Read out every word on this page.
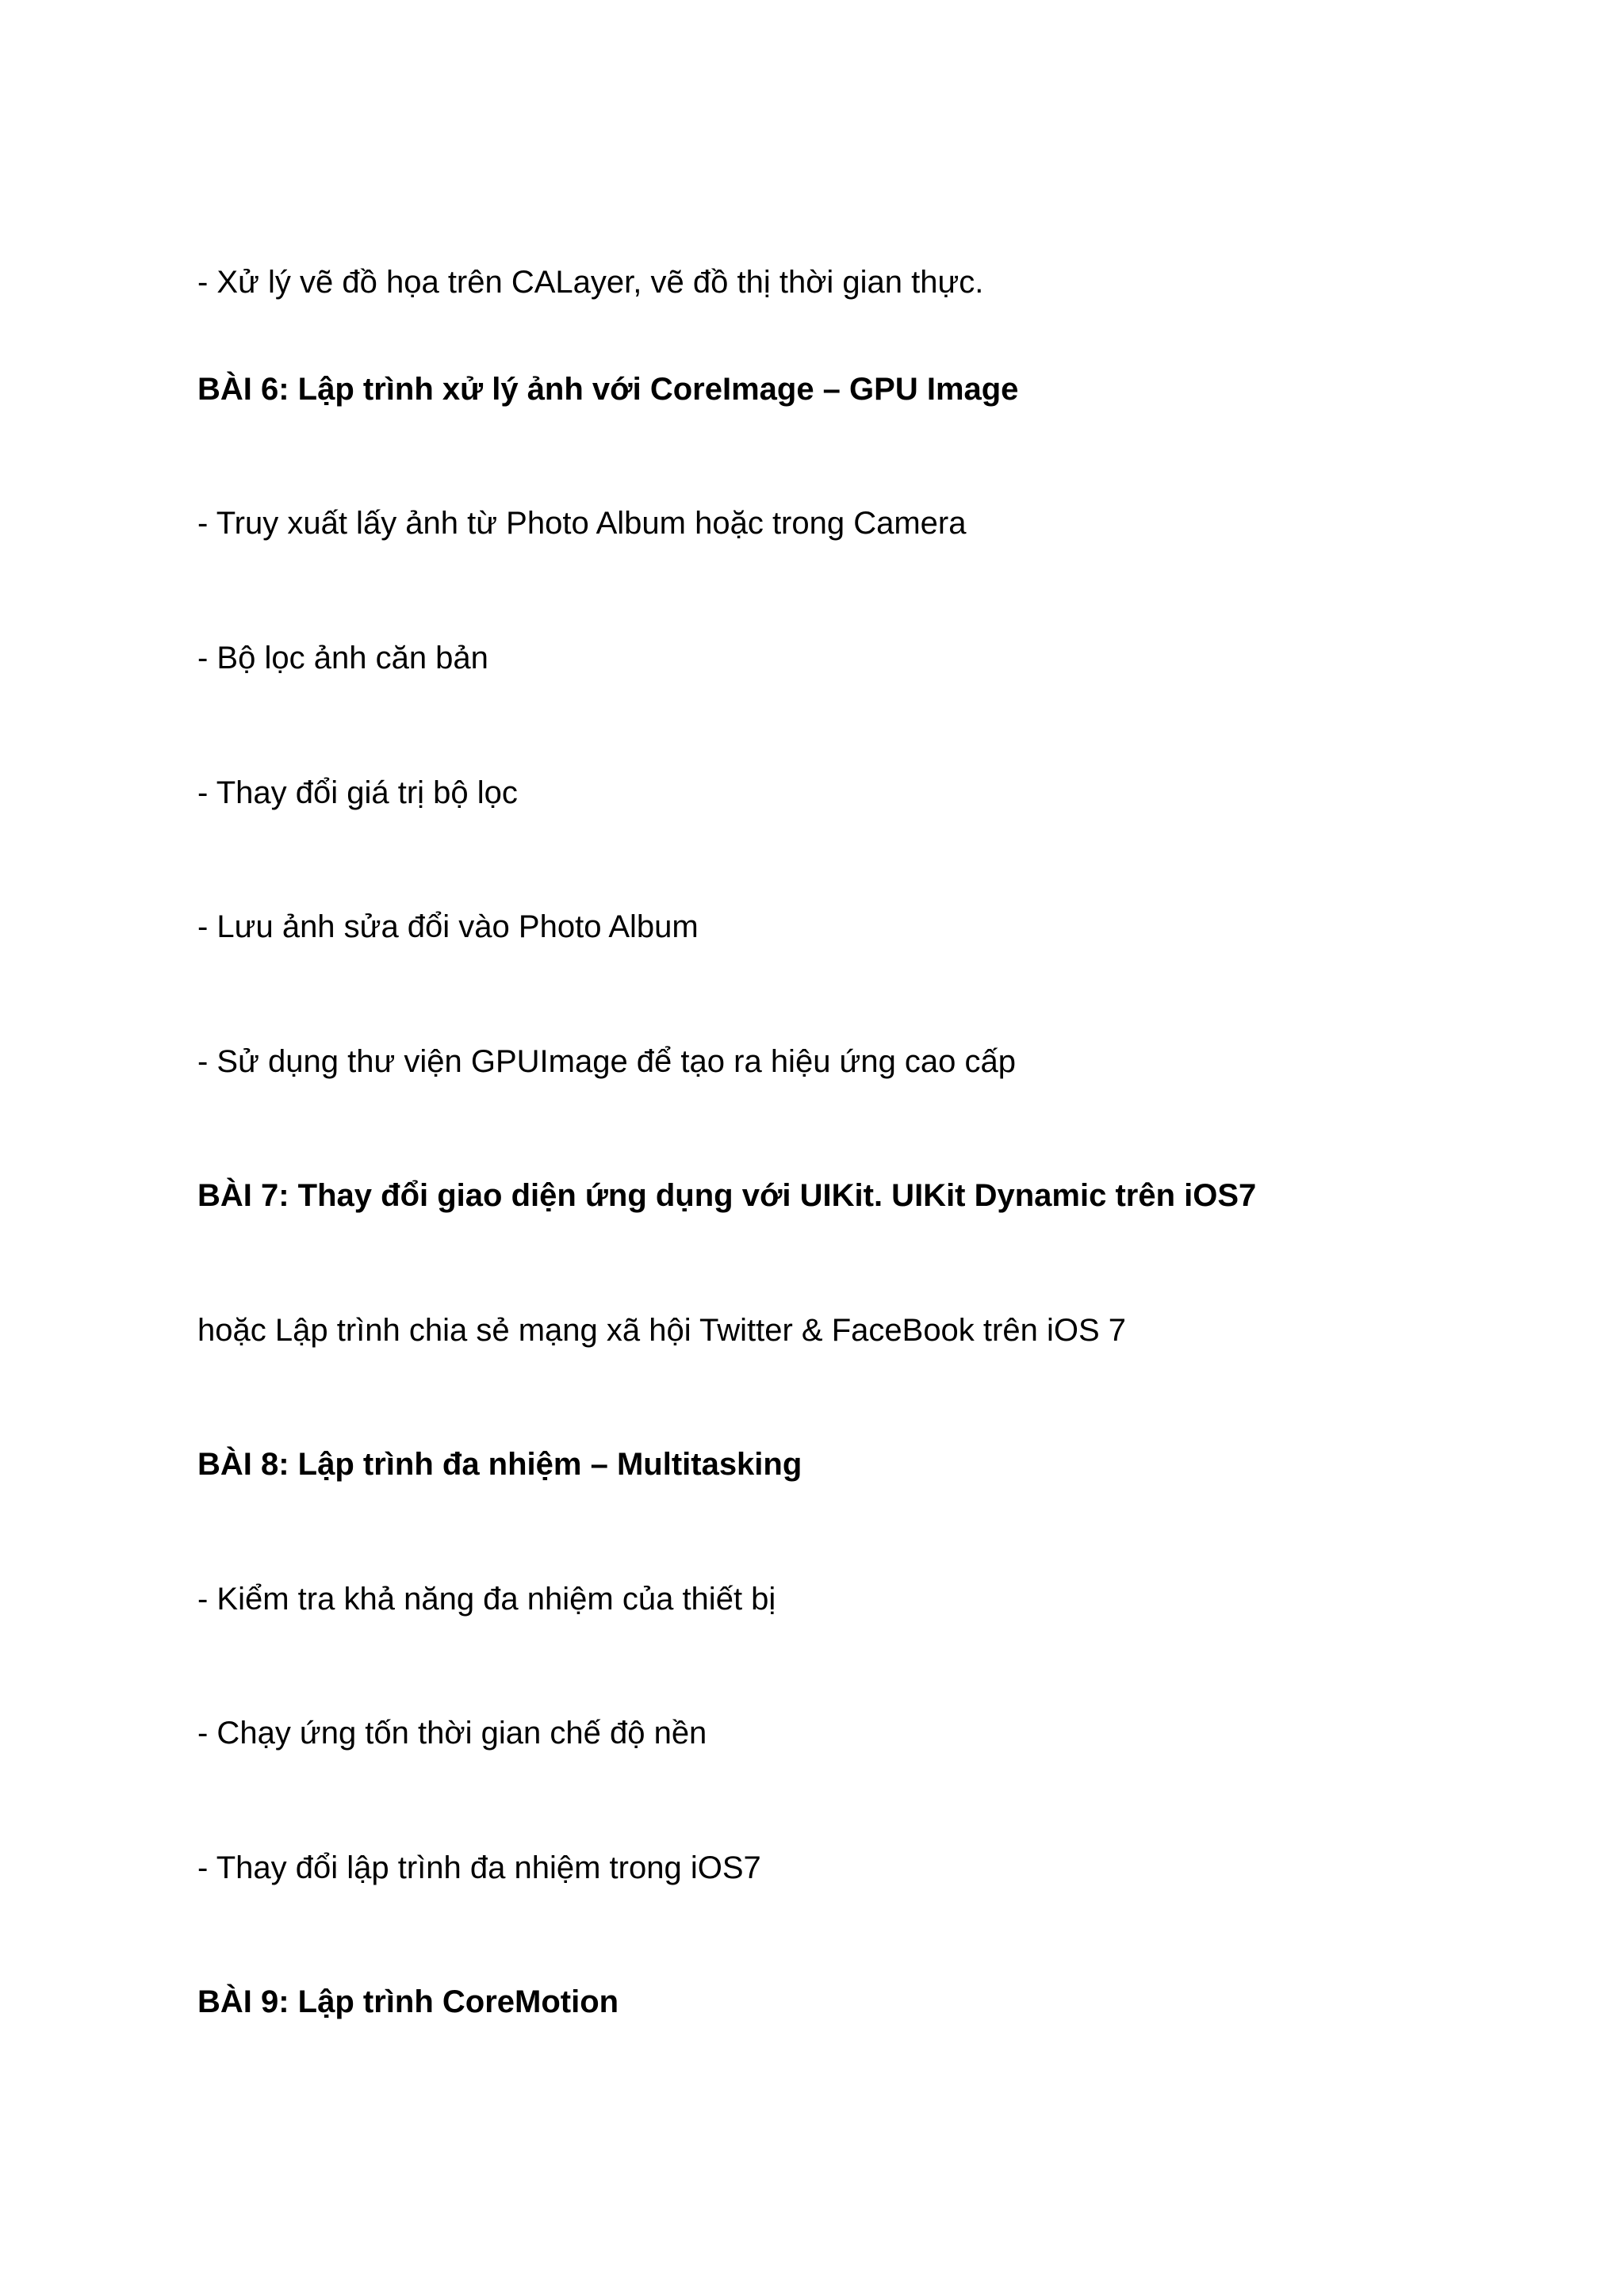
- Xử lý vẽ đồ họa trên CALayer, vẽ đồ thị thời gian thực.
BÀI 6: Lập trình xử lý ảnh với CoreImage – GPU Image
- Truy xuất lấy ảnh từ Photo Album hoặc trong Camera
- Bộ lọc ảnh căn bản
- Thay đổi giá trị bộ lọc
- Lưu ảnh sửa đổi vào Photo Album
- Sử dụng thư viện GPUImage để tạo ra hiệu ứng cao cấp
BÀI 7: Thay đổi giao diện ứng dụng với UIKit. UIKit Dynamic trên iOS7
hoặc Lập trình chia sẻ mạng xã hội Twitter & FaceBook trên iOS 7
BÀI 8: Lập trình đa nhiệm – Multitasking
- Kiểm tra khả năng đa nhiệm của thiết bị
- Chạy ứng tốn thời gian chế độ nền
- Thay đổi lập trình đa nhiệm trong iOS7
BÀI 9: Lập trình CoreMotion
